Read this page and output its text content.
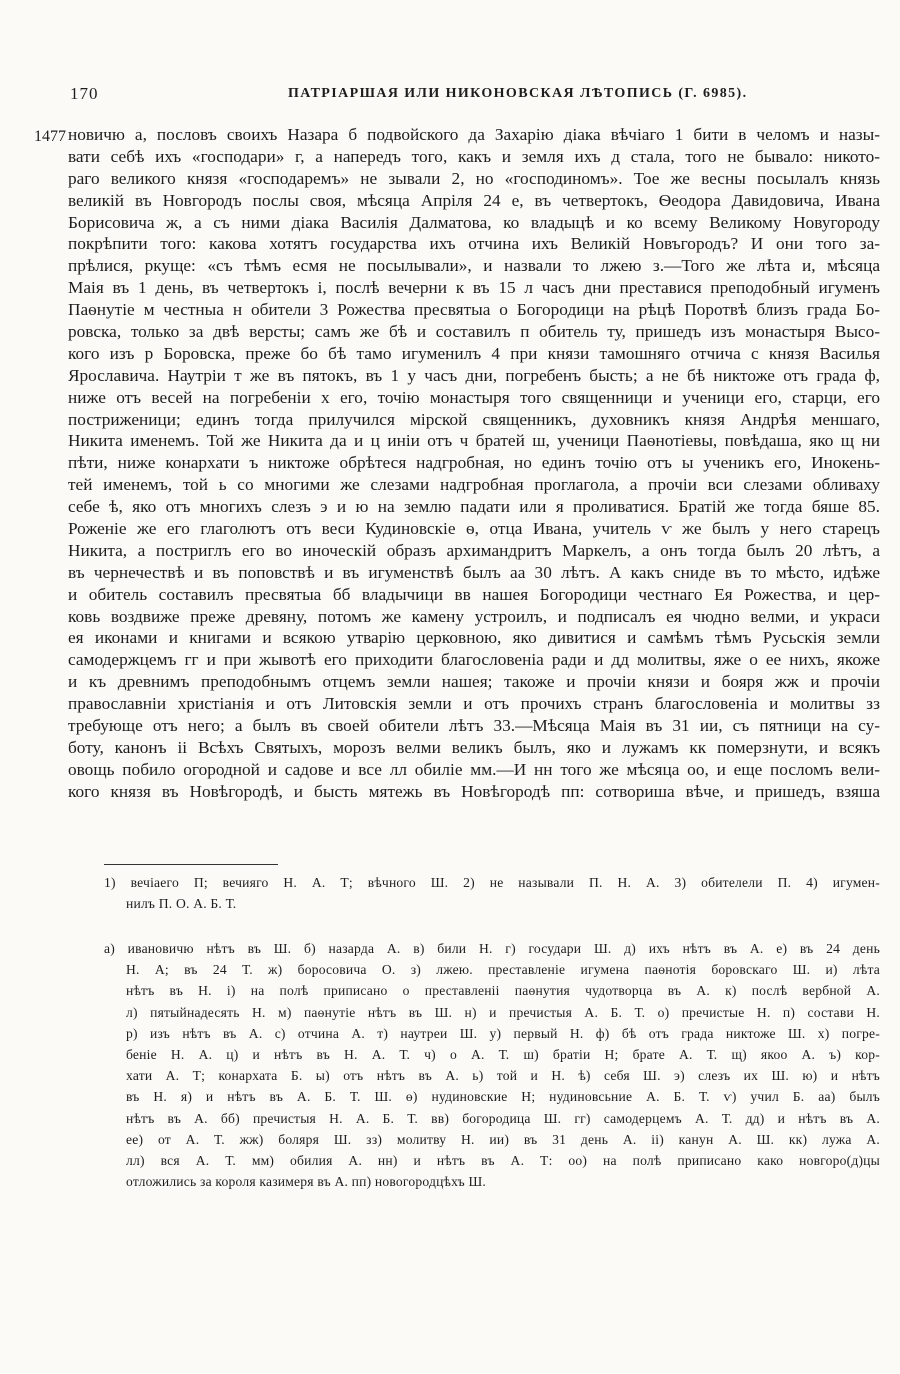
170	ПАТРІАРШАЯ ИЛИ НИКОНОВСКАЯ ЛѢТОПИСЬ (Г. 6985).
1477 новичю а, пословъ своихъ Назара б подвойского да Захарію діака вѣчіаго 1 бити в челомъ и назы-
вати себѣ ихъ «господари» г, а напередъ того, какъ и земля ихъ д стала, того не бывало: никото-
раго великого князя «господаремъ» не зывали 2, но «господиномъ». Тое же весны посылалъ князь
великій въ Новгородъ послы своя, мѣсяца Апріля 24 е, въ четвертокъ, Ѳеодора Давидовича, Ивана
Борисовича ж, а съ ними діака Василія Далматова, ко владыцѣ и ко всему Великому Новугороду
покрѣпити того: какова хотятъ государства ихъ отчина ихъ Великій Новъгородъ? И они того за-
прѣлися, ркуще: «съ тѣмъ есмя не посылывали», и назвали то лжею з.—Того же лѣта и, мѣсяца
Маія въ 1 день, въ четвертокъ і, послѣ вечерни к въ 15 л часъ дни преставися преподобный игуменъ
Паѳнутіе м честныа н обители 3 Рожества пресвятыа о Богородици на рѣцѣ Поротвѣ близъ града Бо-
ровска, только за двѣ версты; самъ же бѣ и составилъ п обитель ту, пришедъ изъ монастыря Высо-
кого изъ р Боровска, преже бо бѣ тамо игуменилъ 4 при князи тамошняго отчича с князя Василья
Ярославича. Наутріи т же въ пятокъ, въ 1 у часъ дни, погребенъ бысть; а не бѣ никтоже отъ града ф,
ниже отъ весей на погребеніи х его, точію монастыря того священници и ученици его, старци, его
постриженици; единъ тогда прилучился мірской священникъ, духовникъ князя Андрѣя меншаго,
Никита именемъ. Той же Никита да и ц иніи отъ ч братей ш, ученици Паѳнотіевы, повѣдаша, яко щ ни
пѣти, ниже конархати ъ никтоже обрѣтеся надгробная, но единъ точію отъ ы ученикъ его, Инокень-
тей именемъ, той ь со многими же слезами надгробная проглагола, а прочіи вси слезами обливаху
себе ѣ, яко отъ многихъ слезъ э и ю на землю падати или я проливатися. Братій же тогда бяше 85.
Роженіе же его глаголютъ отъ веси Кудиновскіе ѳ, отца Ивана, учитель ѵ же былъ у него старецъ
Никита, а постриглъ его во иноческій образъ архимандритъ Маркелъ, а онъ тогда былъ 20 лѣтъ, а
въ чернечествѣ и въ поповствѣ и въ игуменствѣ былъ аа 30 лѣтъ. А какъ сниде въ то мѣсто, идѣже
и обитель составилъ пресвятыа бб владычици вв нашея Богородици честнаго Ея Рожества, и цер-
ковь воздвиже преже древяну, потомъ же камену устроилъ, и подписалъ ея чюдно велми, и украси
ея иконами и книгами и всякою утварію церковною, яко дивитися и самѣмъ тѣмъ Русьскія земли
самодержцемъ гг и при жывотѣ его приходити благословеніа ради и дд молитвы, яже о ее нихъ, якоже
и къ древнимъ преподобнымъ отцемъ земли нашея; такоже и прочіи князи и бояря жж и прочіи
православніи христіанія и отъ Литовскія земли и отъ прочихъ странъ благословеніа и молитвы зз
требующе отъ него; а былъ въ своей обители лѣтъ 33.—Мѣсяца Маія въ 31 ии, съ пятници на су-
боту, канонъ іі Всѣхъ Святыхъ, морозъ велми великъ былъ, яко и лужамъ кк померзнути, и всякъ
овощь побило огородной и садове и все лл обиліе мм.—И нн того же мѣсяца оо, и еще посломъ вели-
кого князя въ Новѣгородѣ, и бысть мятежь въ Новѣгородѣ пп: сотвориша вѣче, и пришедъ, взяша
1) вечіаего П; вечияго Н. А. Т; вѣчного Ш. 2) не называли П. Н. А. 3) обителели П. 4) игумен-
нилъ П. О. А. Б. Т.
а) ивановичю нѣтъ въ Ш. б) назарда А. в) били Н. г) государи Ш. д) ихъ нѣтъ въ А. е) въ 24 день
Н. А; въ 24 Т. ж) боросовича О. з) лжею. преставленіе игумена паѳнотія боровскаго Ш. и) лѣта
нѣтъ въ Н. і) на полѣ приписано о преставленіі паѳнутия чудотворца въ А. к) послѣ вербной А.
л) пятыйнадесять Н. м) паѳнутіе нѣтъ въ Ш. н) и пречистыя А. Б. Т. о) пречистые Н. п) состави Н.
р) изъ нѣтъ въ А. с) отчина А. т) наутреи Ш. у) первый Н. ф) бѣ отъ града никтоже Ш. х) погре-
беніе Н. А. ц) и нѣтъ въ Н. А. Т. ч) о А. Т. ш) братіи Н; брате А. Т. щ) якоо А. ъ) кор-
хати А. Т; конархата Б. ы) отъ нѣтъ въ А. ь) той и Н. ѣ) себя Ш. э) слезъ их Ш. ю) и нѣтъ
въ Н. я) и нѣтъ въ А. Б. Т. Ш. ѳ) нудиновские Н; нудиновсьние А. Б. Т. ѵ) учил Б. аа) былъ
нѣтъ въ А. бб) пречистыя Н. А. Б. Т. вв) богородица Ш. гг) самодерцемъ А. Т. дд) и нѣтъ въ А.
ее) от А. Т. жж) боляря Ш. зз) молитву Н. ии) въ 31 день А. іі) канун А. Ш. кк) лужа А.
лл) вся А. Т. мм) обилия А. нн) и нѣтъ въ А. Т: оо) на полѣ приписано како новгоро(д)цы
отложились за короля казимеря въ А. пп) новогородцѣхъ Ш.
